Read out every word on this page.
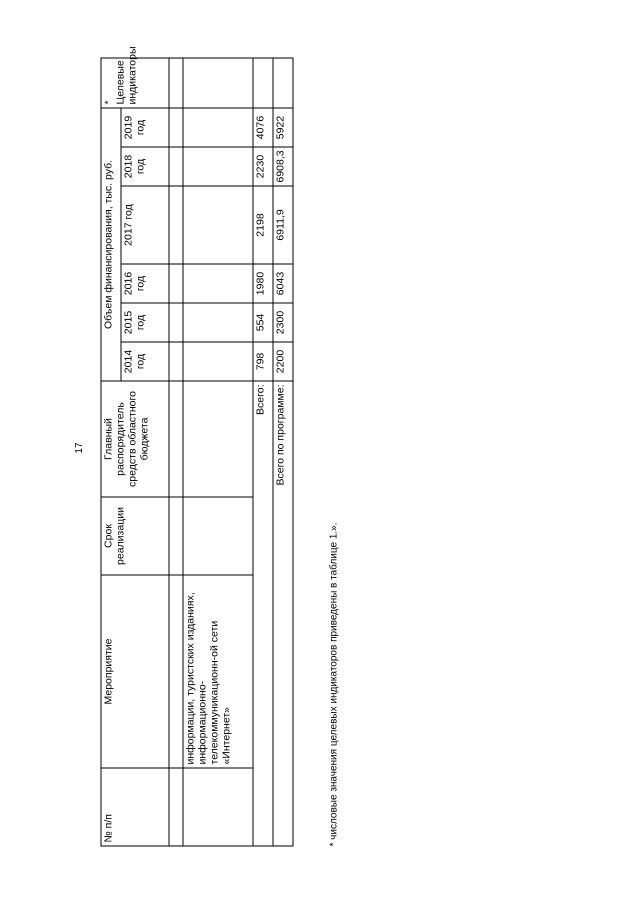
17
№ п/п	Мероприятие	Срок реализации	Главный распорядитель средств областного бюджета	Объем финансирования, тыс. руб.						* Целевые индикаторы
				2014 год	2015 год	2016 год	2017 год	2018 год	2019 год	

	информации, туристских изданиях, информационно-телекоммуникационн-ой сети «Интернет»									
Всего:				798	554	1980	2198	2230	4076	
Всего по программе:				2200	2300	6043	6911,9	6908,3	5922	
* числовые значения целевых индикаторов приведены в таблице 1.».
